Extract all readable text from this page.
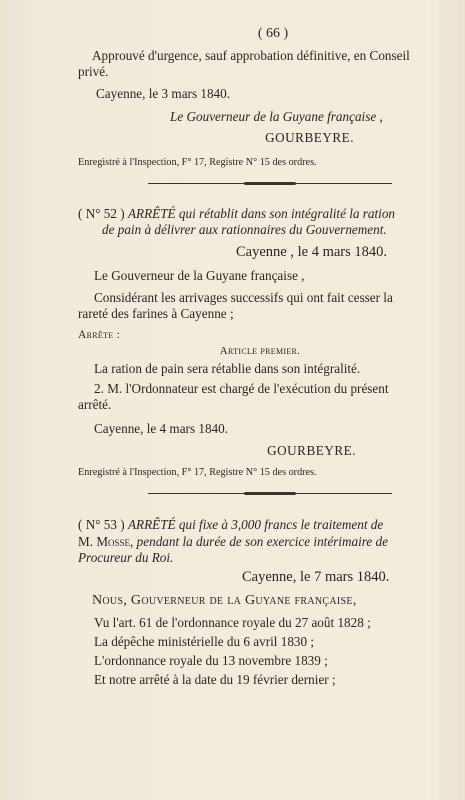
( 66 )
Approuvé d'urgence, sauf approbation définitive, en Conseil
privé.
Cayenne, le 3 mars 1840.
Le Gouverneur de la Guyane française ,
GOURBEYRE.
Enregistré à l'Inspection, F° 17, Registre N° 15 des ordres.
( N° 52 ) ARRÊTÉ qui rétablit dans son intégralité la ration
de pain à délivrer aux rationnaires du Gouvernement.
Cayenne , le 4 mars 1840.
Le Gouverneur de la Guyane française ,
Considérant les arrivages successifs qui ont fait cesser la
rareté des farines à Cayenne ;
Arrête :
Article premier.
La ration de pain sera rétablie dans son intégralité.
2. M. l'Ordonnateur est chargé de l'exécution du présent
arrêté.
Cayenne, le 4 mars 1840.
GOURBEYRE.
Enregistré à l'Inspection, F° 17, Registre N° 15 des ordres.
( N° 53 ) ARRÊTÉ qui fixe à 3,000 francs le traitement de
M. Mosse, pendant la durée de son exercice intérimaire de
Procureur du Roi.
Cayenne, le 7 mars 1840.
Nous, Gouverneur de la Guyane française,
Vu l'art. 61 de l'ordonnance royale du 27 août 1828 ;
La dépêche ministérielle du 6 avril 1830 ;
L'ordonnance royale du 13 novembre 1839 ;
Et notre arrêté à la date du 19 février dernier ;
